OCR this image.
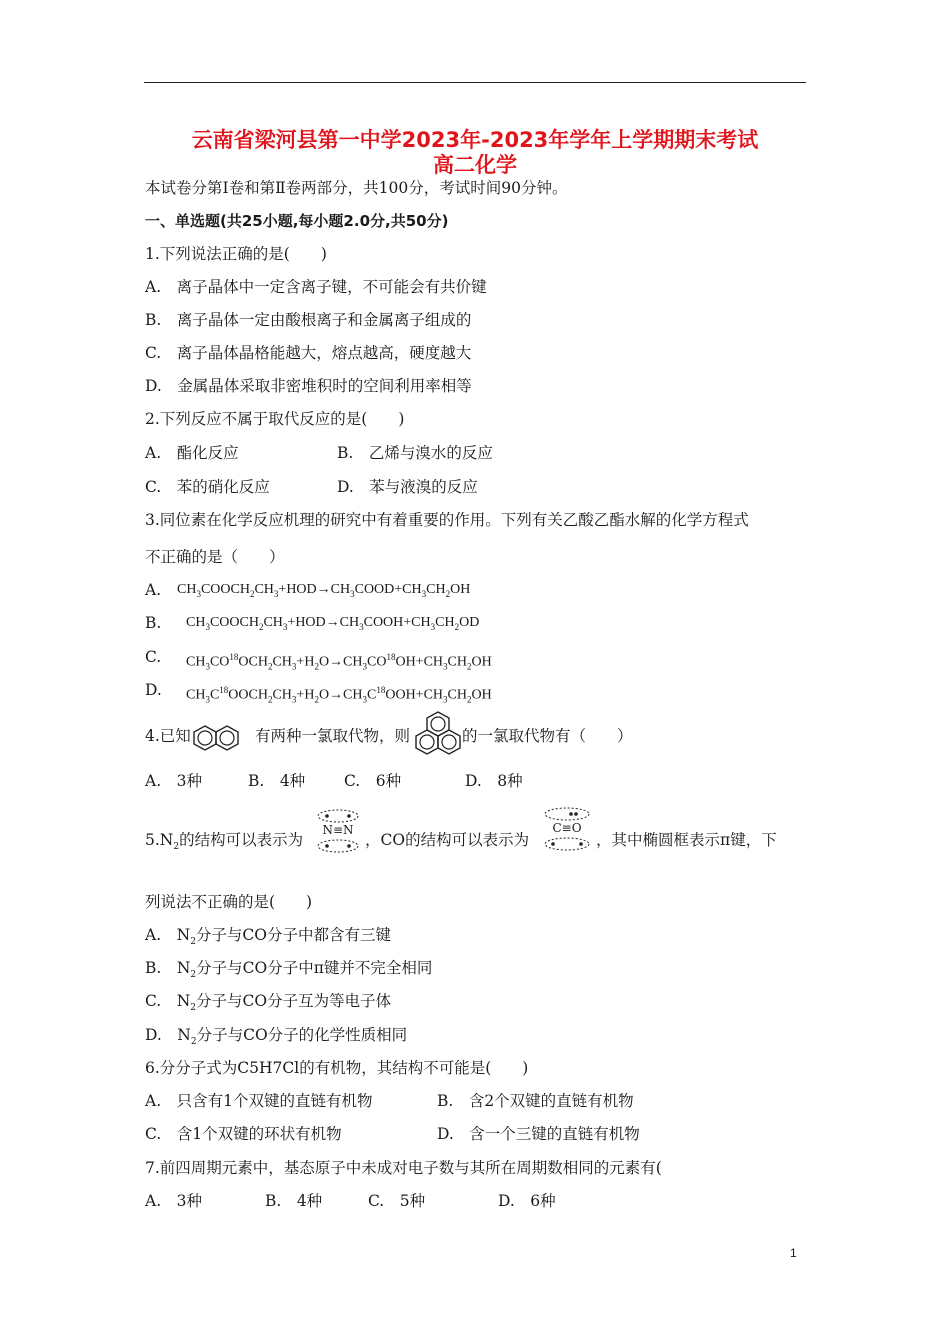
云南省梁河县第一中学2023年-2023年学年上学期期末考试
高二化学
本试卷分第Ⅰ卷和第Ⅱ卷两部分，共100分，考试时间90分钟。
一、单选题(共25小题,每小题2.0分,共50分)
1.下列说法正确的是(　　)
A.　离子晶体中一定含离子键，不可能会有共价键
B.　离子晶体一定由酸根离子和金属离子组成的
C.　离子晶体晶格能越大，熔点越高，硬度越大
D.　金属晶体采取非密堆积时的空间利用率相等
2.下列反应不属于取代反应的是(　　)
A.　酯化反应	B.　乙烯与溴水的反应
C.　苯的硝化反应	D.　苯与液溴的反应
3.同位素在化学反应机理的研究中有着重要的作用。下列有关乙酸乙酯水解的化学方程式
不正确的是（　　）
A. $CH_3COOCH_2CH_3+HOD\to CH_3COOD+CH_3CH_2OH$
B. $CH_3COOCH_2CH_3+HOD\to CH_3COOH+CH_3CH_2OD$
C. $CH_3CO^{18}OCH_2CH_3+H_2O\to CH_3CO^{18}OH+CH_3CH_2OH$
D. $CH_3C^{18}OOCH_2CH_3+H_2O\to CH_3C^{18}OOH+CH_3CH_2OH$
4.已知	有两种一氯取代物，则	的一氯取代物有（　　）
A.　3种	B.　4种	C.　6种	D.　8种
$5.N_2$的结构可以表示为
N≡N
，CO的结构可以表示为
C≡O
，其中椭圆框表示π键，下
列说法不正确的是(　　)
A.　$N_2$分子与CO分子中都含有三键
B.　$N_2$分子与CO分子中π键并不完全相同
C.　$N_2$分子与CO分子互为等电子体
D.　$N_2$分子与CO分子的化学性质相同
6.分分子式为C5H7Cl的有机物，其结构不可能是(　　)
A.　只含有1个双键的直链有机物	B.　含2个双键的直链有机物
C.　含1个双键的环状有机物	D.　含一个三键的直链有机物
7.前四周期元素中，基态原子中未成对电子数与其所在周期数相同的元素有(
A.　3种	B.　4种	C.　5种	D.　6种
1
